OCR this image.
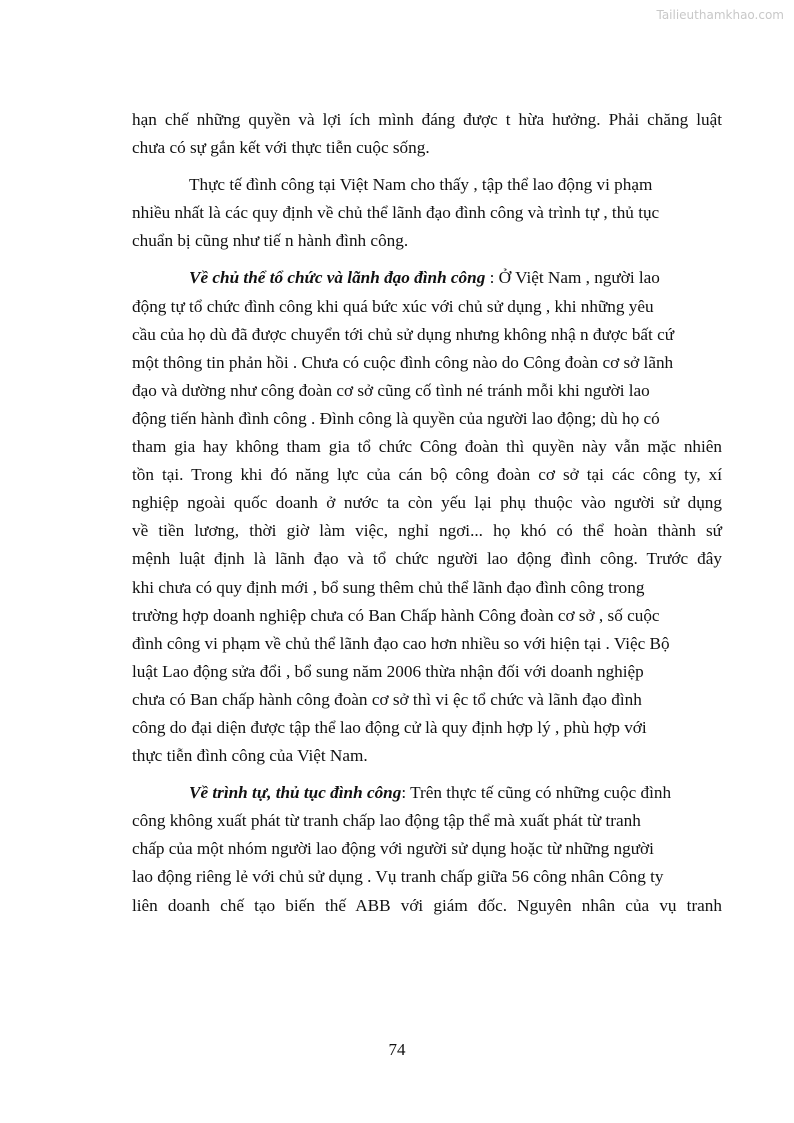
Tailieuthamkhao.com

hạn chế những quyền và lợi ích mình đáng được t hừa hưởng. Phải chăng luật
chưa có sự gắn kết với thực tiễn cuộc sống.

Thực tế đình công tại Việt Nam cho thấy , tập thể lao động vi phạm
nhiều nhất là các quy định về chủ thể lãnh đạo đình công và trình tự , thủ tục
chuẩn bị cũng như tiế n hành đình công.

Về chủ thể tổ chức và lãnh đạo đình công : Ở Việt Nam , người lao
động tự tổ chức đình công khi quá bức xúc với chủ sử dụng , khi những yêu
cầu của họ dù đã được chuyển tới chủ sử dụng nhưng không nhậ n được bất cứ
một thông tin phản hồi . Chưa có cuộc đình công nào do Công đoàn cơ sở lãnh
đạo và dường như công đoàn cơ sở cũng cố tình né tránh mỗi khi người lao
động tiến hành đình công . Đình công là quyền của người lao động; dù họ có
tham gia hay không tham gia tổ chức Công đoàn thì quyền này vẫn mặc nhiên
tồn tại. Trong khi đó năng lực của cán bộ công đoàn cơ sở tại các công ty, xí
nghiệp ngoài quốc doanh ở nước ta còn yếu lại phụ thuộc vào người sử dụng
về tiền lương, thời giờ làm việc, nghỉ ngơi... họ khó có thể hoàn thành sứ
mệnh luật định là lãnh đạo và tổ chức người lao động đình công. Trước đây
khi chưa có quy định mới , bổ sung thêm chủ thể lãnh đạo đình công trong
trường hợp doanh nghiệp chưa có Ban Chấp hành Công đoàn cơ sở , số cuộc
đình công vi phạm về chủ thể lãnh đạo cao hơn nhiều so với hiện tại . Việc Bộ
luật Lao động sửa đổi , bổ sung năm 2006 thừa nhận đối với doanh nghiệp
chưa có Ban chấp hành công đoàn cơ sở thì vi ệc tổ chức và lãnh đạo đình
công do đại diện được tập thể lao động cử là quy định hợp lý , phù hợp với
thực tiễn đình công của Việt Nam.

Về trình tự, thủ tục đình công: Trên thực tế cũng có những cuộc đình
công không xuất phát từ tranh chấp lao động tập thể mà xuất phát từ tranh
chấp của một nhóm người lao động với người sử dụng hoặc từ những người
lao động riêng lẻ với chủ sử dụng . Vụ tranh chấp giữa 56 công nhân Công ty
liên doanh chế tạo biến thế ABB với giám đốc. Nguyên nhân của vụ tranh

74
